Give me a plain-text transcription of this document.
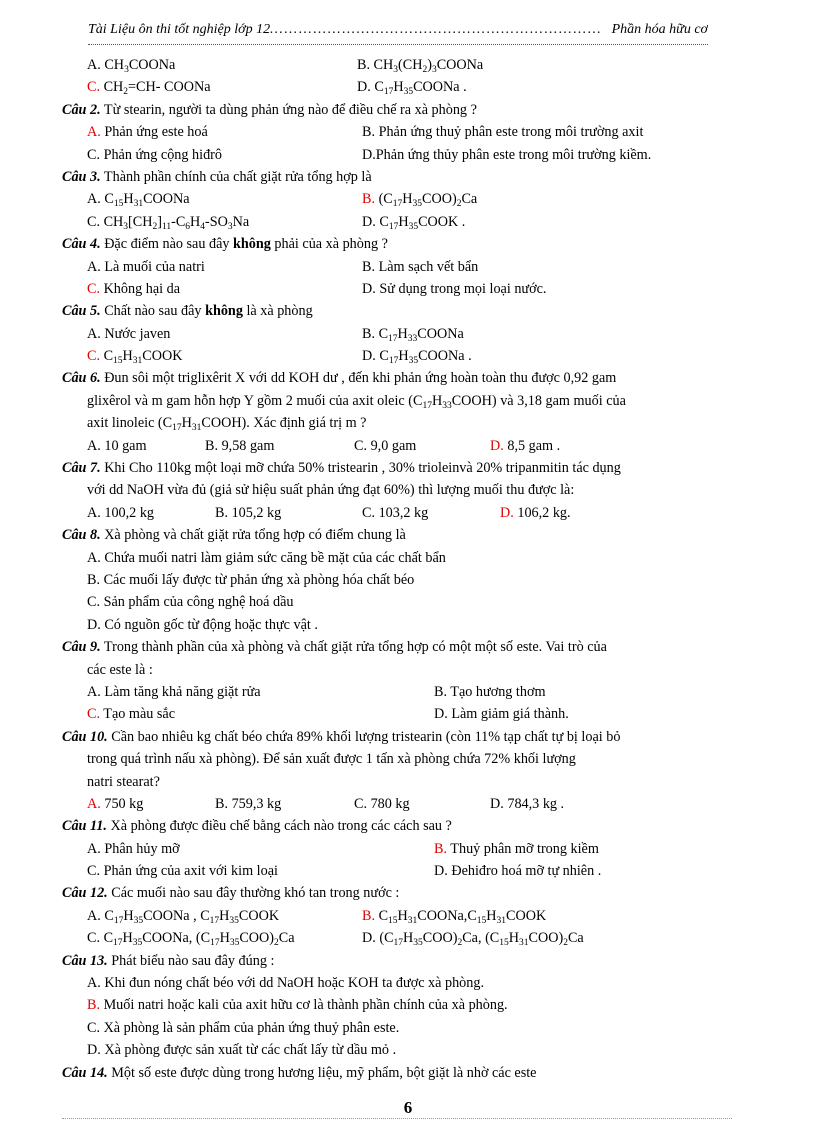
Tài Liệu ôn thi tốt nghiệp lớp 12 …………………………………………………………… Phần hóa hữu cơ
A. $CH_3COONa$	B. $CH_3(CH_2)_3COONa$
C. $CH_2=CH-$ COONa	D. $C_{17}H_{35}COONa$ .
Câu 2. Từ stearin, người ta dùng phản ứng nào để điều chế ra xà phòng ?
A. Phản ứng este hoá	B. Phản ứng thuỷ phân este trong môi trường axit
C. Phản ứng cộng hiđrô	D.Phản ứng thủy phân este trong môi trường kiềm.
Câu 3. Thành phần chính của chất giặt rửa tổng hợp là
A. $C_{15}H_{31}COONa$	B. $(C_{17}H_{35}COO)_2Ca$
C. $CH_3[CH_2]_{11}-C_6H_4-SO_3Na$	D. $C_{17}H_{35}COOK$ .
Câu 4. Đặc điểm nào sau đây không phải của xà phòng ?
A. Là muối của natri	B. Làm sạch vết bẩn
C. Không hại da	D. Sử dụng trong mọi loại nước.
Câu 5. Chất nào sau đây không là xà phòng
A. Nước javen	B. $C_{17}H_{33}COONa$
C. $C_{15}H_{31}COOK$	D. $C_{17}H_{35}COONa$ .
Câu 6. Đun sôi một triglixêrit X với dd KOH dư , đến khi phản ứng hoàn toàn thu được 0,92 gam
glixêrol và m gam hỗn hợp Y gồm 2 muối của axit oleic $(C_{17}H_{33}COOH)$ và 3,18 gam muối của
axit linoleic $(C_{17}H_{31}COOH)$. Xác định giá trị m ?
A. 10 gam	B. 9,58 gam	C. 9,0 gam	D. 8,5 gam .
Câu 7. Khi Cho 110kg một loại mỡ chứa 50% tristearin , 30% trioleinvà 20% tripanmitin tác dụng
với dd NaOH vừa đủ (giả sử hiệu suất phản ứng đạt 60%) thì lượng muối thu được là:
A. 100,2 kg	B. 105,2 kg	C. 103,2 kg	D. 106,2 kg.
Câu 8. Xà phòng và chất giặt rửa tổng hợp có điểm chung là
A. Chứa muối natri làm giảm sức căng bề mặt của các chất bẩn
B. Các muối lấy được từ phản ứng xà phòng hóa chất béo
C. Sản phẩm của công nghệ hoá dầu
D. Có nguồn gốc từ động hoặc thực vật .
Câu 9. Trong thành phần của xà phòng và chất giặt rửa tổng hợp có một một số este. Vai trò của
các este là :
A. Làm tăng khả năng giặt rửa	B. Tạo hương thơm
C. Tạo màu sắc	D. Làm giảm giá thành.
Câu 10. Cần bao nhiêu kg chất béo chứa 89% khối lượng tristearin (còn 11% tạp chất tự bị loại bỏ
trong quá trình nấu xà phòng). Để sản xuất được 1 tấn xà phòng chứa 72% khối lượng
natri stearat?
A. 750 kg	B. 759,3 kg	C. 780 kg	D. 784,3 kg .
Câu 11. Xà phòng được điều chế bằng cách nào trong các cách sau ?
A. Phân hủy mỡ	B. Thuỷ phân mỡ trong kiềm
C. Phản ứng của axit với kim loại	D. Đehiđro hoá mỡ tự nhiên .
Câu 12. Các muối nào sau đây thường khó tan trong nước :
A. $C_{17}H_{35}COONa$ , $C_{17}H_{35}COOK$	B. $C_{15}H_{31}COONa,C_{15}H_{31}COOK$
C. $C_{17}H_{35}COONa$, $(C_{17}H_{35}COO)_2Ca$	D. $(C_{17}H_{35}COO)_2Ca$, $(C_{15}H_{31}COO)_2Ca$
Câu 13. Phát biểu nào sau đây đúng :
A. Khi đun nóng chất béo với dd NaOH hoặc KOH ta được xà phòng.
B. Muối natri hoặc kali của axit hữu cơ là thành phần chính của xà phòng.
C. Xà phòng là sản phẩm của phản ứng thuỷ phân este.
D. Xà phòng được sản xuất từ các chất lấy từ dầu mỏ .
Câu 14. Một số este được dùng trong hương liệu, mỹ phẩm, bột giặt là nhờ các este
6
